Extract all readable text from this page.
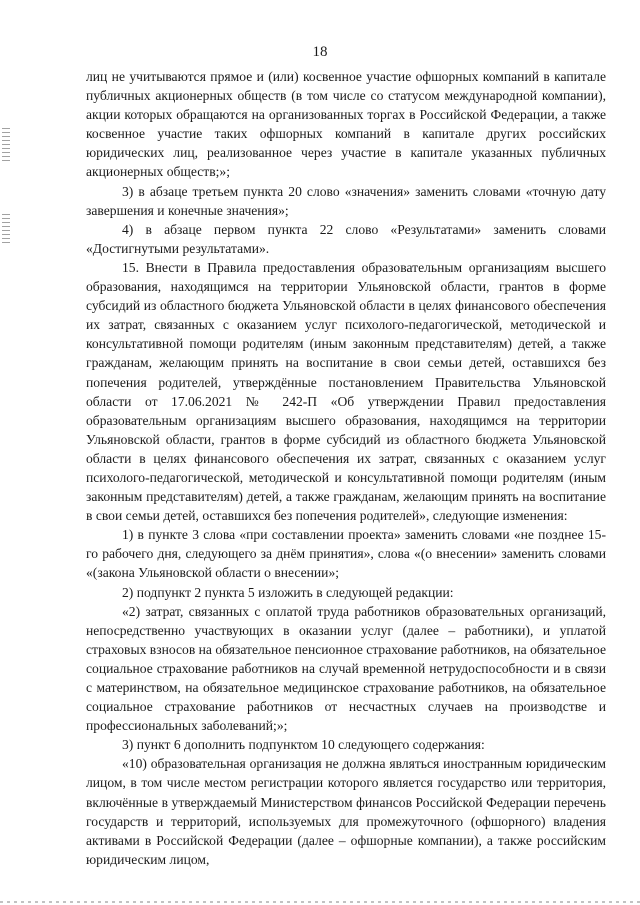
18

лиц не учитываются прямое и (или) косвенное участие офшорных компаний в капитале публичных акционерных обществ (в том числе со статусом международной компании), акции которых обращаются на организованных торгах в Российской Федерации, а также косвенное участие таких офшорных компаний в капитале других российских юридических лиц, реализованное через участие в капитале указанных публичных акционерных обществ;»;

3) в абзаце третьем пункта 20 слово «значения» заменить словами «точную дату завершения и конечные значения»;

4) в абзаце первом пункта 22 слово «Результатами» заменить словами «Достигнутыми результатами».

15. Внести в Правила предоставления образовательным организациям высшего образования, находящимся на территории Ульяновской области, грантов в форме субсидий из областного бюджета Ульяновской области в целях финансового обеспечения их затрат, связанных с оказанием услуг психолого-педагогической, методической и консультативной помощи родителям (иным законным представителям) детей, а также гражданам, желающим принять на воспитание в свои семьи детей, оставшихся без попечения родителей, утверждённые постановлением Правительства Ульяновской области от 17.06.2021 № 242-П «Об утверждении Правил предоставления образовательным организациям высшего образования, находящимся на территории Ульяновской области, грантов в форме субсидий из областного бюджета Ульяновской области в целях финансового обеспечения их затрат, связанных с оказанием услуг психолого-педагогической, методической и консультативной помощи родителям (иным законным представителям) детей, а также гражданам, желающим принять на воспитание в свои семьи детей, оставшихся без попечения родителей», следующие изменения:

1) в пункте 3 слова «при составлении проекта» заменить словами «не позднее 15-го рабочего дня, следующего за днём принятия», слова «(о внесении» заменить словами «(закона Ульяновской области о внесении»;

2) подпункт 2 пункта 5 изложить в следующей редакции:

«2) затрат, связанных с оплатой труда работников образовательных организаций, непосредственно участвующих в оказании услуг (далее – работники), и уплатой страховых взносов на обязательное пенсионное страхование работников, на обязательное социальное страхование работников на случай временной нетрудоспособности и в связи с материнством, на обязательное медицинское страхование работников, на обязательное социальное страхование работников от несчастных случаев на производстве и профессиональных заболеваний;»;

3) пункт 6 дополнить подпунктом 10 следующего содержания:

«10) образовательная организация не должна являться иностранным юридическим лицом, в том числе местом регистрации которого является государство или территория, включённые в утверждаемый Министерством финансов Российской Федерации перечень государств и территорий, используемых для промежуточного (офшорного) владения активами в Российской Федерации (далее – офшорные компании), а также российским юридическим лицом,
